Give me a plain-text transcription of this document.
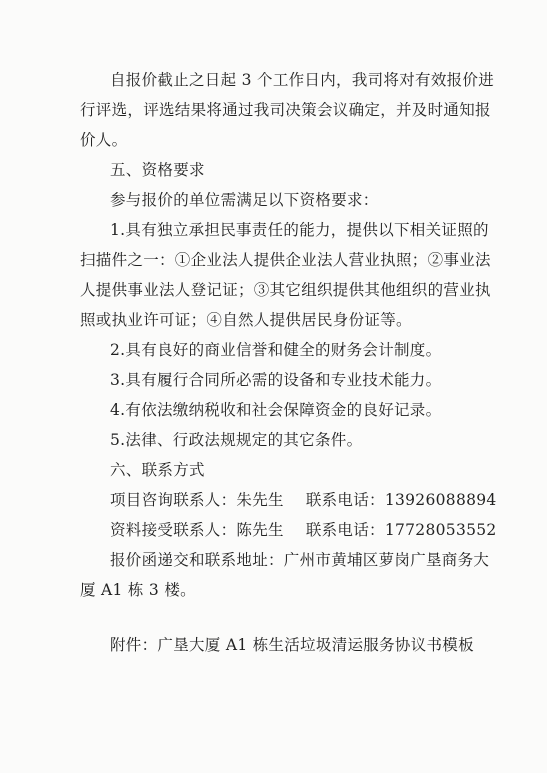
自报价截止之日起 3 个工作日内，我司将对有效报价进
行评选，评选结果将通过我司决策会议确定，并及时通知报
价人。
五、资格要求
参与报价的单位需满足以下资格要求：
1.具有独立承担民事责任的能力，提供以下相关证照的
扫描件之一：①企业法人提供企业法人营业执照；②事业法
人提供事业法人登记证；③其它组织提供其他组织的营业执
照或执业许可证；④自然人提供居民身份证等。
2.具有良好的商业信誉和健全的财务会计制度。
3.具有履行合同所必需的设备和专业技术能力。
4.有依法缴纳税收和社会保障资金的良好记录。
5.法律、行政法规规定的其它条件。
六、联系方式
项目咨询联系人：朱先生 联系电话：13926088894
资料接受联系人：陈先生 联系电话：17728053552
报价函递交和联系地址：广州市黄埔区萝岗广垦商务大
厦 A1 栋 3 楼。
附件：广垦大厦 A1 栋生活垃圾清运服务协议书模板
